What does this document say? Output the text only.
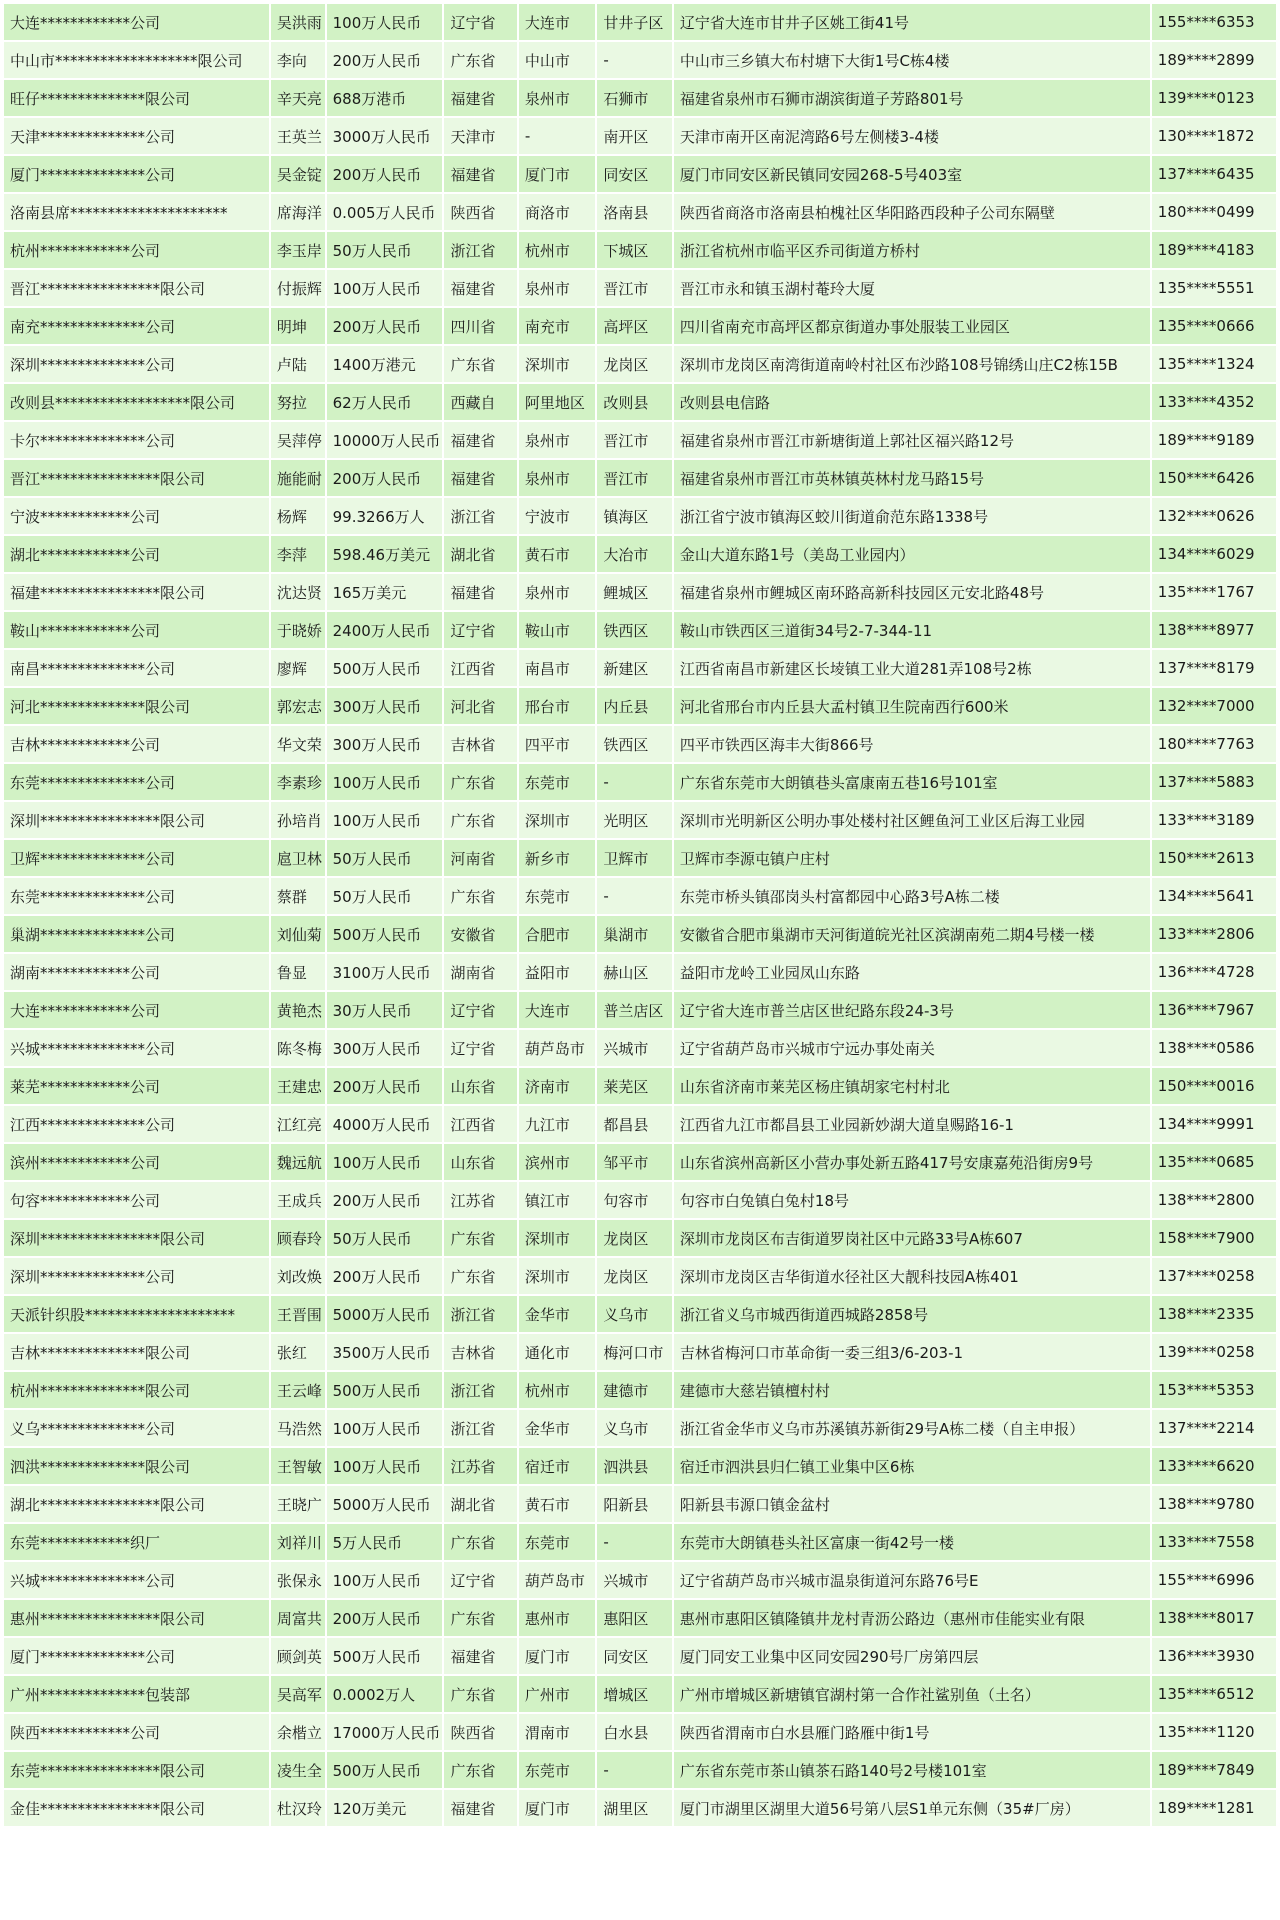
大连************公司	吴洪雨	100万人民币	辽宁省	大连市	甘井子区	辽宁省大连市甘井子区姚工街41号	155****6353
中山市*******************限公司	李向	200万人民币	广东省	中山市	-	中山市三乡镇大布村塘下大街1号C栋4楼	189****2899
旺仔**************限公司	辛天亮	688万港币	福建省	泉州市	石狮市	福建省泉州市石狮市湖滨街道子芳路801号	139****0123
天津**************公司	王英兰	3000万人民币	天津市	-	南开区	天津市南开区南泥湾路6号左侧楼3-4楼	130****1872
厦门**************公司	吴金锭	200万人民币	福建省	厦门市	同安区	厦门市同安区新民镇同安园268-5号403室	137****6435
洛南县席*********************	席海洋	0.005万人民币	陕西省	商洛市	洛南县	陕西省商洛市洛南县柏槐社区华阳路西段种子公司东隔壁	180****0499
杭州************公司	李玉岸	50万人民币	浙江省	杭州市	下城区	浙江省杭州市临平区乔司街道方桥村	189****4183
晋江****************限公司	付振辉	100万人民币	福建省	泉州市	晋江市	晋江市永和镇玉湖村菴玲大厦	135****5551
南充**************公司	明坤	200万人民币	四川省	南充市	高坪区	四川省南充市高坪区都京街道办事处服装工业园区	135****0666
深圳**************公司	卢陆	1400万港元	广东省	深圳市	龙岗区	深圳市龙岗区南湾街道南岭村社区布沙路108号锦绣山庄C2栋15B	135****1324
改则县******************限公司	努拉	62万人民币	西藏自	阿里地区	改则县	改则县电信路	133****4352
卡尔**************公司	吴萍停	10000万人民币	福建省	泉州市	晋江市	福建省泉州市晋江市新塘街道上郭社区福兴路12号	189****9189
晋江****************限公司	施能耐	200万人民币	福建省	泉州市	晋江市	福建省泉州市晋江市英林镇英林村龙马路15号	150****6426
宁波************公司	杨辉	99.3266万人	浙江省	宁波市	镇海区	浙江省宁波市镇海区蛟川街道俞范东路1338号	132****0626
湖北************公司	李萍	598.46万美元	湖北省	黄石市	大冶市	金山大道东路1号（美岛工业园内）	134****6029
福建****************限公司	沈达贤	165万美元	福建省	泉州市	鲤城区	福建省泉州市鲤城区南环路高新科技园区元安北路48号	135****1767
鞍山************公司	于晓娇	2400万人民币	辽宁省	鞍山市	铁西区	鞍山市铁西区三道街34号2-7-344-11	138****8977
南昌**************公司	廖辉	500万人民币	江西省	南昌市	新建区	江西省南昌市新建区长堎镇工业大道281弄108号2栋	137****8179
河北**************限公司	郭宏志	300万人民币	河北省	邢台市	内丘县	河北省邢台市内丘县大孟村镇卫生院南西行600米	132****7000
吉林************公司	华文荣	300万人民币	吉林省	四平市	铁西区	四平市铁西区海丰大街866号	180****7763
东莞**************公司	李素珍	100万人民币	广东省	东莞市	-	广东省东莞市大朗镇巷头富康南五巷16号101室	137****5883
深圳****************限公司	孙培肖	100万人民币	广东省	深圳市	光明区	深圳市光明新区公明办事处楼村社区鲤鱼河工业区后海工业园	133****3189
卫辉**************公司	扈卫林	50万人民币	河南省	新乡市	卫辉市	卫辉市李源屯镇户庄村	150****2613
东莞**************公司	蔡群	50万人民币	广东省	东莞市	-	东莞市桥头镇邵岗头村富都园中心路3号A栋二楼	134****5641
巢湖**************公司	刘仙菊	500万人民币	安徽省	合肥市	巢湖市	安徽省合肥市巢湖市天河街道皖光社区滨湖南苑二期4号楼一楼	133****2806
湖南************公司	鲁显	3100万人民币	湖南省	益阳市	赫山区	益阳市龙岭工业园凤山东路	136****4728
大连************公司	黄艳杰	30万人民币	辽宁省	大连市	普兰店区	辽宁省大连市普兰店区世纪路东段24-3号	136****7967
兴城**************公司	陈冬梅	300万人民币	辽宁省	葫芦岛市	兴城市	辽宁省葫芦岛市兴城市宁远办事处南关	138****0586
莱芜************公司	王建忠	200万人民币	山东省	济南市	莱芜区	山东省济南市莱芜区杨庄镇胡家宅村村北	150****0016
江西**************公司	江红亮	4000万人民币	江西省	九江市	都昌县	江西省九江市都昌县工业园新妙湖大道皇赐路16-1	134****9991
滨州************公司	魏远航	100万人民币	山东省	滨州市	邹平市	山东省滨州高新区小营办事处新五路417号安康嘉苑沿街房9号	135****0685
句容************公司	王成兵	200万人民币	江苏省	镇江市	句容市	句容市白兔镇白兔村18号	138****2800
深圳****************限公司	顾春玲	50万人民币	广东省	深圳市	龙岗区	深圳市龙岗区布吉街道罗岗社区中元路33号A栋607	158****7900
深圳**************公司	刘改焕	200万人民币	广东省	深圳市	龙岗区	深圳市龙岗区吉华街道水径社区大靓科技园A栋401	137****0258
天派针织股********************	王晋围	5000万人民币	浙江省	金华市	义乌市	浙江省义乌市城西街道西城路2858号	138****2335
吉林**************限公司	张红	3500万人民币	吉林省	通化市	梅河口市	吉林省梅河口市革命街一委三组3/6-203-1	139****0258
杭州**************限公司	王云峰	500万人民币	浙江省	杭州市	建德市	建德市大慈岩镇檀村村	153****5353
义乌**************公司	马浩然	100万人民币	浙江省	金华市	义乌市	浙江省金华市义乌市苏溪镇苏新街29号A栋二楼（自主申报）	137****2214
泗洪**************限公司	王智敏	100万人民币	江苏省	宿迁市	泗洪县	宿迁市泗洪县归仁镇工业集中区6栋	133****6620
湖北****************限公司	王晓广	5000万人民币	湖北省	黄石市	阳新县	阳新县韦源口镇金盆村	138****9780
东莞************织厂	刘祥川	5万人民币	广东省	东莞市	-	东莞市大朗镇巷头社区富康一街42号一楼	133****7558
兴城**************公司	张保永	100万人民币	辽宁省	葫芦岛市	兴城市	辽宁省葫芦岛市兴城市温泉街道河东路76号E	155****6996
惠州****************限公司	周富共	200万人民币	广东省	惠州市	惠阳区	惠州市惠阳区镇隆镇井龙村青沥公路边（惠州市佳能实业有限	138****8017
厦门**************公司	顾剑英	500万人民币	福建省	厦门市	同安区	厦门同安工业集中区同安园290号厂房第四层	136****3930
广州**************包装部	吴高军	0.0002万人	广东省	广州市	增城区	广州市增城区新塘镇官湖村第一合作社鲨别鱼（土名）	135****6512
陕西************公司	余楷立	17000万人民币	陕西省	渭南市	白水县	陕西省渭南市白水县雁门路雁中街1号	135****1120
东莞****************限公司	凌生全	500万人民币	广东省	东莞市	-	广东省东莞市茶山镇茶石路140号2号楼101室	189****7849
金佳****************限公司	杜汉玲	120万美元	福建省	厦门市	湖里区	厦门市湖里区湖里大道56号第八层S1单元东侧（35#厂房）	189****1281
